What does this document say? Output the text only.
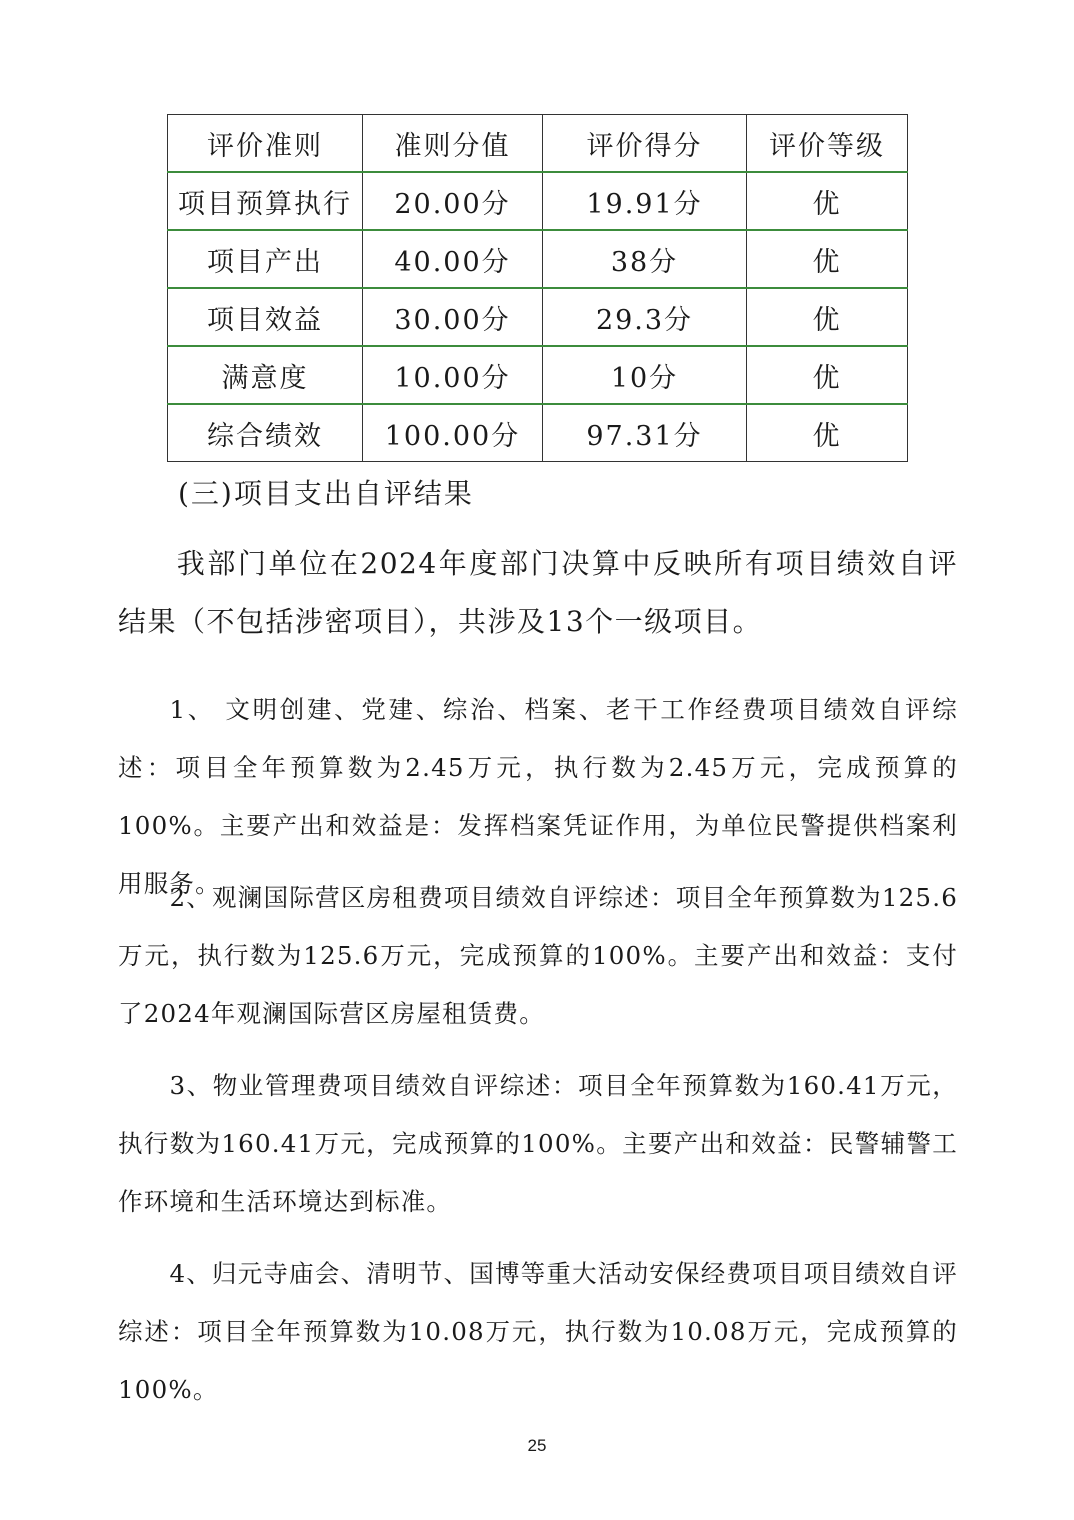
评价准则	准则分值	评价得分	评价等级
项目预算执行	20.00分	19.91分	优
项目产出	40.00分	38分	优
项目效益	30.00分	29.3分	优
满意度	10.00分	10分	优
综合绩效	100.00分	97.31分	优
(三)项目支出自评结果

我部门单位在2024年度部门决算中反映所有项目绩效自评结果（不包括涉密项目），共涉及13个一级项目。

1、 文明创建、党建、综治、档案、老干工作经费项目绩效自评综述：项目全年预算数为2.45万元，执行数为2.45万元，完成预算的100%。主要产出和效益是：发挥档案凭证作用，为单位民警提供档案利用服务。

2、观澜国际营区房租费项目绩效自评综述：项目全年预算数为125.6万元，执行数为125.6万元，完成预算的100%。主要产出和效益：支付了2024年观澜国际营区房屋租赁费。

3、物业管理费项目绩效自评综述：项目全年预算数为160.41万元，执行数为160.41万元，完成预算的100%。主要产出和效益：民警辅警工作环境和生活环境达到标准。

4、归元寺庙会、清明节、国博等重大活动安保经费项目项目绩效自评综述：项目全年预算数为10.08万元，执行数为10.08万元，完成预算的100%。

25
